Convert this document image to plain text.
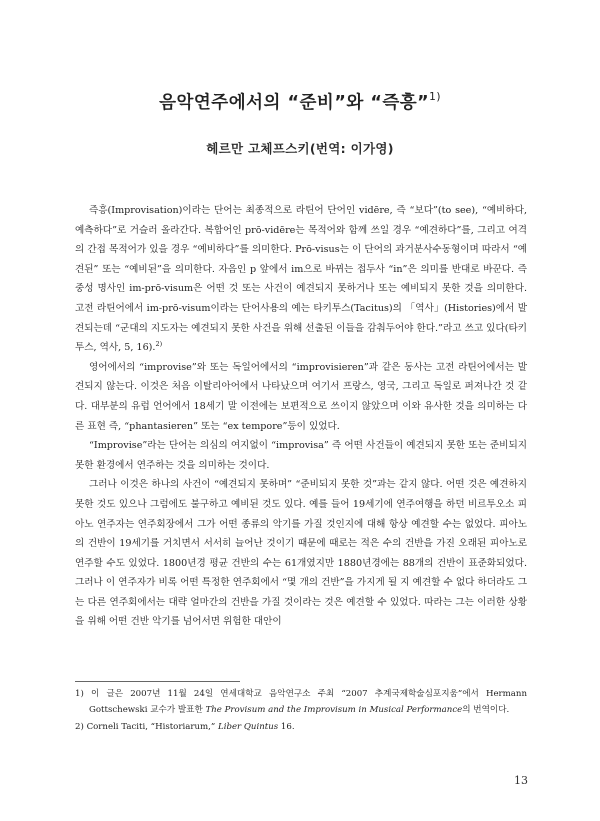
음악연주에서의 “준비”와 “즉흥”$^{1)}$
헤르만 고체프스키(번역: 이가영)

즉흥(Improvisation)이라는 단어는 최종적으로 라틴어 단어인 vidēre, 즉 “보다”(to see), “예비하다, 예측하다”로 거슬러 올라간다. 복합어인 prō-vidēre는 목적어와 함께 쓰일 경우 “예견하다”를, 그리고 여격의 간접 목적어가 있을 경우 “예비하다”를 의미한다. Prō-visus는 이 단어의 과거분사수동형이며 따라서 “예견된” 또는 “예비된”을 의미한다. 자음인 p 앞에서 im으로 바뀌는 접두사 “in”은 의미를 반대로 바꾼다. 즉 중성 명사인 im-prō-visum은 어떤 것 또는 사건이 예견되지 못하거나 또는 예비되지 못한 것을 의미한다. 고전 라틴어에서 im-prō-visum이라는 단어사용의 예는 타키투스(Tacitus)의 「역사」(Histories)에서 발견되는데 “군대의 지도자는 예견되지 못한 사건을 위해 선출된 이들을 감춰두어야 한다.”라고 쓰고 있다(타키투스, 역사, 5, 16).$^{2)}$

영어에서의 “improvise”와 또는 독일어에서의 “improvisieren”과 같은 동사는 고전 라틴어에서는 발견되지 않는다. 이것은 처음 이탈리아어에서 나타났으며 여기서 프랑스, 영국, 그리고 독일로 퍼져나간 것 같다. 대부분의 유럽 언어에서 18세기 말 이전에는 보편적으로 쓰이지 않았으며 이와 유사한 것을 의미하는 다른 표현 즉, “phantasieren” 또는 “ex tempore”등이 있었다.

“Improvise”라는 단어는 의심의 여지없이 “improvisa” 즉 어떤 사건들이 예견되지 못한 또는 준비되지 못한 환경에서 연주하는 것을 의미하는 것이다.

그러나 이것은 하나의 사건이 “예견되지 못하며” “준비되지 못한 것”과는 같지 않다. 어떤 것은 예견하지 못한 것도 있으나 그럼에도 불구하고 예비된 것도 있다. 예를 들어 19세기에 연주여행을 하던 비르투오소 피아노 연주자는 연주회장에서 그가 어떤 종류의 악기를 가질 것인지에 대해 항상 예견할 수는 없었다. 피아노의 건반이 19세기를 거치면서 서서히 늘어난 것이기 때문에 때로는 적은 수의 건반을 가진 오래된 피아노로 연주할 수도 있었다. 1800년경 평균 건반의 수는 61개였지만 1880년경에는 88개의 건반이 표준화되었다. 그러나 이 연주자가 비록 어떤 특정한 연주회에서 “몇 개의 건반”을 가지게 될 지 예견할 수 없다 하더라도 그는 다른 연주회에서는 대략 얼마간의 건반을 가질 것이라는 것은 예견할 수 있었다. 따라는 그는 이러한 상황을 위해 어떤 건반 악기를 넘어서면 위험한 대안이

1) 이 글은 2007년 11월 24일 연세대학교 음악연구소 주최 “2007 추계국제학술심포지움”에서 Hermann Gottschewski 교수가 발표한 The Provisum and the Improvisum in Musical Performance의 번역이다.

2) Corneli Taciti, “Historiarum,” Liber Quintus 16.

13
